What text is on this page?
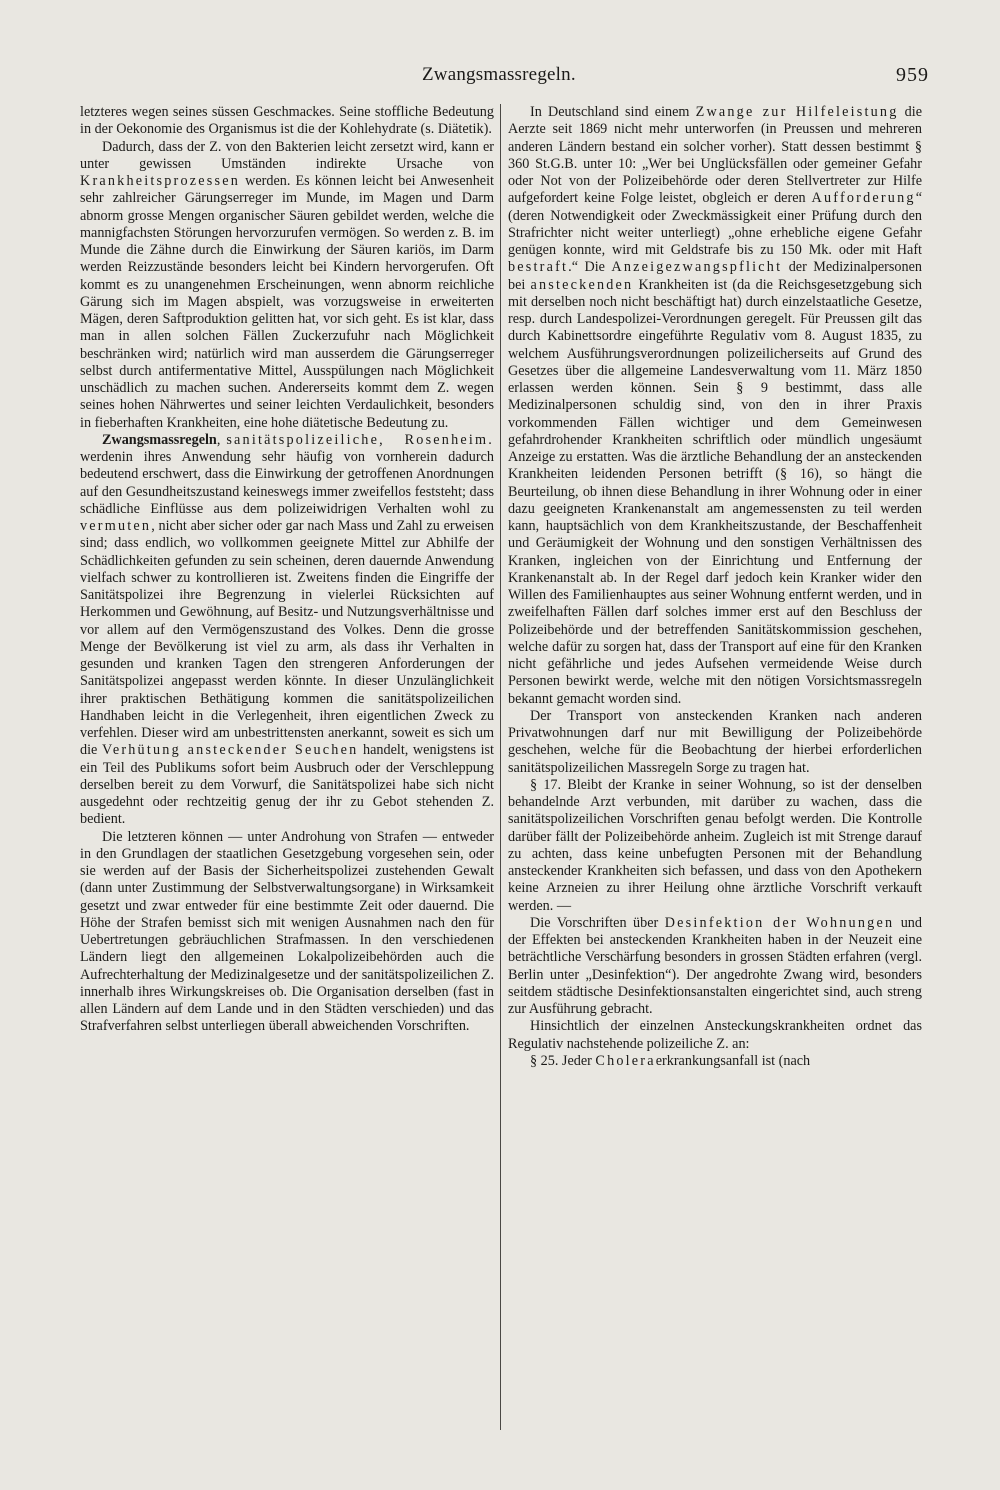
Zwangsmassregeln.	959

letzteres wegen seines süssen Geschmackes. Seine stoffliche Bedeutung in der Oekonomie des Organismus ist die der Kohlehydrate (s. Diätetik).

Dadurch, dass der Z. von den Bakterien leicht zersetzt wird, kann er unter gewissen Umständen indirekte Ursache von Krankheitsprozessen werden. Es können leicht bei Anwesenheit sehr zahlreicher Gärungserreger im Munde, im Magen und Darm abnorm grosse Mengen organischer Säuren gebildet werden, welche die mannigfachsten Störungen hervorzurufen vermögen. So werden z. B. im Munde die Zähne durch die Einwirkung der Säuren kariös, im Darm werden Reizzustände besonders leicht bei Kindern hervorgerufen. Oft kommt es zu unangenehmen Erscheinungen, wenn abnorm reichliche Gärung sich im Magen abspielt, was vorzugsweise in erweiterten Mägen, deren Saftproduktion gelitten hat, vor sich geht. Es ist klar, dass man in allen solchen Fällen Zuckerzufuhr nach Möglichkeit beschränken wird; natürlich wird man ausserdem die Gärungserreger selbst durch antifermentative Mittel, Ausspülungen nach Möglichkeit unschädlich zu machen suchen. Andererseits kommt dem Z. wegen seines hohen Nährwertes und seiner leichten Verdaulichkeit, besonders in fieberhaften Krankheiten, eine hohe diätetische Bedeutung zu.
Rosenheim.

Zwangsmassregeln, sanitätspolizeiliche, werdenin ihres Anwendung sehr häufig von vornherein dadurch bedeutend erschwert, dass die Einwirkung der getroffenen Anordnungen auf den Gesundheitszustand keineswegs immer zweifellos feststeht; dass schädliche Einflüsse aus dem polizeiwidrigen Verhalten wohl zu vermuten, nicht aber sicher oder gar nach Mass und Zahl zu erweisen sind; dass endlich, wo vollkommen geeignete Mittel zur Abhilfe der Schädlichkeiten gefunden zu sein scheinen, deren dauernde Anwendung vielfach schwer zu kontrollieren ist. Zweitens finden die Eingriffe der Sanitätspolizei ihre Begrenzung in vielerlei Rücksichten auf Herkommen und Gewöhnung, auf Besitz- und Nutzungsverhältnisse und vor allem auf den Vermögenszustand des Volkes. Denn die grosse Menge der Bevölkerung ist viel zu arm, als dass ihr Verhalten in gesunden und kranken Tagen den strengeren Anforderungen der Sanitätspolizei angepasst werden könnte. In dieser Unzulänglichkeit ihrer praktischen Bethätigung kommen die sanitätspolizeilichen Handhaben leicht in die Verlegenheit, ihren eigentlichen Zweck zu verfehlen. Dieser wird am unbestrittensten anerkannt, soweit es sich um die Verhütung ansteckender Seuchen handelt, wenigstens ist ein Teil des Publikums sofort beim Ausbruch oder der Verschleppung derselben bereit zu dem Vorwurf, die Sanitätspolizei habe sich nicht ausgedehnt oder rechtzeitig genug der ihr zu Gebot stehenden Z. bedient.

Die letzteren können — unter Androhung von Strafen — entweder in den Grundlagen der staatlichen Gesetzgebung vorgesehen sein, oder sie werden auf der Basis der Sicherheitspolizei zustehenden Gewalt (dann unter Zustimmung der Selbstverwaltungsorgane) in Wirksamkeit gesetzt und zwar entweder für eine bestimmte Zeit oder dauernd. Die Höhe der Strafen bemisst sich mit wenigen Ausnahmen nach den für Uebertretungen gebräuchlichen Strafmassen. In den verschiedenen Ländern liegt den allgemeinen Lokalpolizeibehörden auch die Aufrechterhaltung der Medizinalgesetze und der sanitätspolizeilichen Z. innerhalb ihres Wirkungskreises ob. Die Organisation derselben (fast in allen Ländern auf dem Lande und in den Städten verschieden) und das Strafverfahren selbst unterliegen überall abweichenden Vorschriften.

In Deutschland sind einem Zwange zur Hilfeleistung die Aerzte seit 1869 nicht mehr unterworfen (in Preussen und mehreren anderen Ländern bestand ein solcher vorher). Statt dessen bestimmt § 360 St.G.B. unter 10: „Wer bei Unglücksfällen oder gemeiner Gefahr oder Not von der Polizeibehörde oder deren Stellvertreter zur Hilfe aufgefordert keine Folge leistet, obgleich er deren Aufforderung“ (deren Notwendigkeit oder Zweckmässigkeit einer Prüfung durch den Strafrichter nicht weiter unterliegt) „ohne erhebliche eigene Gefahr genügen konnte, wird mit Geldstrafe bis zu 150 Mk. oder mit Haft bestraft.“ Die Anzeigezwangspflicht der Medizinalpersonen bei ansteckenden Krankheiten ist (da die Reichsgesetzgebung sich mit derselben noch nicht beschäftigt hat) durch einzelstaatliche Gesetze, resp. durch Landespolizei-Verordnungen geregelt. Für Preussen gilt das durch Kabinettsordre eingeführte Regulativ vom 8. August 1835, zu welchem Ausführungsverordnungen polizeilicherseits auf Grund des Gesetzes über die allgemeine Landesverwaltung vom 11. März 1850 erlassen werden können. Sein § 9 bestimmt, dass alle Medizinalpersonen schuldig sind, von den in ihrer Praxis vorkommenden Fällen wichtiger und dem Gemeinwesen gefahrdrohender Krankheiten schriftlich oder mündlich ungesäumt Anzeige zu erstatten. Was die ärztliche Behandlung der an ansteckenden Krankheiten leidenden Personen betrifft (§ 16), so hängt die Beurteilung, ob ihnen diese Behandlung in ihrer Wohnung oder in einer dazu geeigneten Krankenanstalt am angemessensten zu teil werden kann, hauptsächlich von dem Krankheitszustande, der Beschaffenheit und Geräumigkeit der Wohnung und den sonstigen Verhältnissen des Kranken, ingleichen von der Einrichtung und Entfernung der Krankenanstalt ab. In der Regel darf jedoch kein Kranker wider den Willen des Familienhauptes aus seiner Wohnung entfernt werden, und in zweifelhaften Fällen darf solches immer erst auf den Beschluss der Polizeibehörde und der betreffenden Sanitätskommission geschehen, welche dafür zu sorgen hat, dass der Transport auf eine für den Kranken nicht gefährliche und jedes Aufsehen vermeidende Weise durch Personen bewirkt werde, welche mit den nötigen Vorsichtsmassregeln bekannt gemacht worden sind.

Der Transport von ansteckenden Kranken nach anderen Privatwohnungen darf nur mit Bewilligung der Polizeibehörde geschehen, welche für die Beobachtung der hierbei erforderlichen sanitätspolizeilichen Massregeln Sorge zu tragen hat.

§ 17. Bleibt der Kranke in seiner Wohnung, so ist der denselben behandelnde Arzt verbunden, mit darüber zu wachen, dass die sanitätspolizeilichen Vorschriften genau befolgt werden. Die Kontrolle darüber fällt der Polizeibehörde anheim. Zugleich ist mit Strenge darauf zu achten, dass keine unbefugten Personen mit der Behandlung ansteckender Krankheiten sich befassen, und dass von den Apothekern keine Arzneien zu ihrer Heilung ohne ärztliche Vorschrift verkauft werden. —

Die Vorschriften über Desinfektion der Wohnungen und der Effekten bei ansteckenden Krankheiten haben in der Neuzeit eine beträchtliche Verschärfung besonders in grossen Städten erfahren (vergl. Berlin unter „Desinfektion“). Der angedrohte Zwang wird, besonders seitdem städtische Desinfektionsanstalten eingerichtet sind, auch streng zur Ausführung gebracht.

Hinsichtlich der einzelnen Ansteckungskrankheiten ordnet das Regulativ nachstehende polizeiliche Z. an:

§ 25. Jeder Choleraerkrankungsanfall ist (nach
